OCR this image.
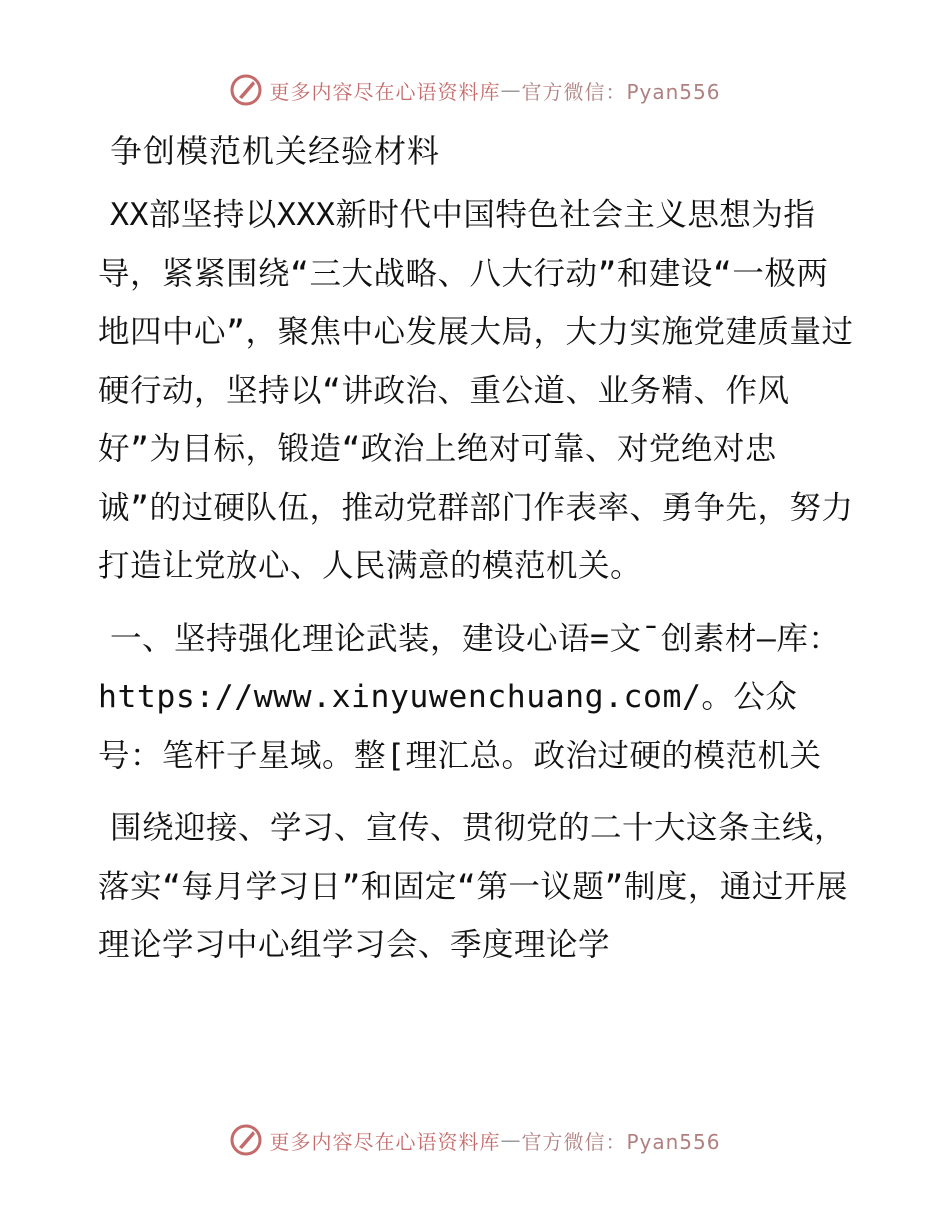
更多内容尽在心语资料库 — 官方微信：Pyan556
争创模范机关经验材料

XX部坚持以XXX新时代中国特色社会主义思想为指导，紧紧围绕“三大战略、八大行动”和建设“一极两地四中心”，聚焦中心发展大局，大力实施党建质量过硬行动，坚持以“讲政治、重公道、业务精、作风好”为目标，锻造“政治上绝对可靠、对党绝对忠诚”的过硬队伍，推动党群部门作表率、勇争先，努力打造让党放心、人民满意的模范机关。

一、坚持强化理论武装，建设心语=文¯创素材—库：https://www.xinyuwenchuang.com/。公众号：笔杆子星域。整[理汇总。政治过硬的模范机关

围绕迎接、学习、宣传、贯彻党的二十大这条主线，落实“每月学习日”和固定“第一议题”制度，通过开展理论学习中心组学习会、季度理论学

更多内容尽在心语资料库 — 官方微信：Pyan556
